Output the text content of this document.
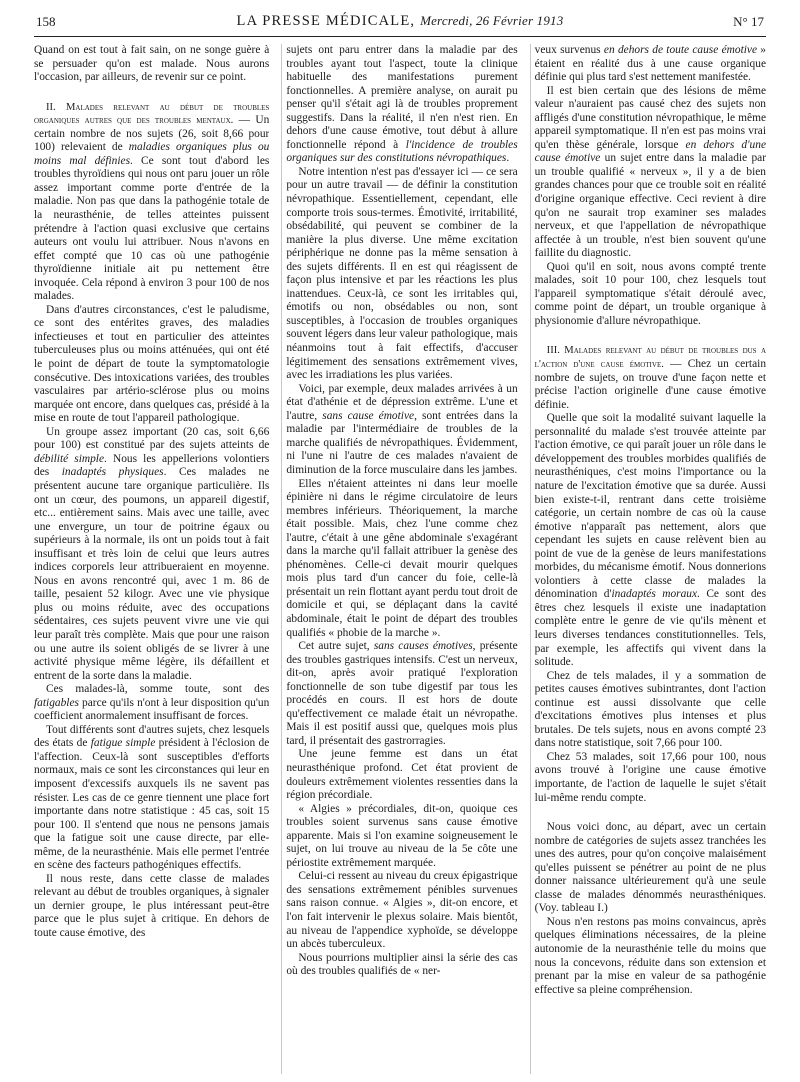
158	LA PRESSE MÉDICALE, Mercredi, 26 Février 1913	N° 17

Quand on est tout à fait sain, on ne songe guère à se persuader qu'on est malade. Nous aurons l'occasion, par ailleurs, de revenir sur ce point.

II. Malades relevant au début de troubles organiques autres que des troubles mentaux. — Un certain nombre de nos sujets (26, soit 8,66 pour 100) relevaient de maladies organiques plus ou moins mal définies. Ce sont tout d'abord les troubles thyroïdiens qui nous ont paru jouer un rôle assez important comme porte d'entrée de la maladie. Non pas que dans la pathogénie totale de la neurasthénie, de telles atteintes puissent prétendre à l'action quasi exclusive que certains auteurs ont voulu lui attribuer. Nous n'avons en effet compté que 10 cas où une pathogénie thyroïdienne initiale ait pu nettement être invoquée. Cela répond à environ 3 pour 100 de nos malades.

Dans d'autres circonstances, c'est le paludisme, ce sont des entérites graves, des maladies infectieuses et tout en particulier des atteintes tuberculeuses plus ou moins atténuées, qui ont été le point de départ de toute la symptomatologie consécutive. Des intoxications variées, des troubles vasculaires par artério-sclérose plus ou moins marquée ont encore, dans quelques cas, présidé à la mise en route de tout l'appareil pathologique.

Un groupe assez important (20 cas, soit 6,66 pour 100) est constitué par des sujets atteints de débilité simple. Nous les appellerions volontiers des inadaptés physiques. Ces malades ne présentent aucune tare organique particulière. Ils ont un cœur, des poumons, un appareil digestif, etc... entièrement sains. Mais avec une taille, avec une envergure, un tour de poitrine égaux ou supérieurs à la normale, ils ont un poids tout à fait insuffisant et très loin de celui que leurs autres indices corporels leur attribueraient en moyenne. Nous en avons rencontré qui, avec 1 m. 86 de taille, pesaient 52 kilogr. Avec une vie physique plus ou moins réduite, avec des occupations sédentaires, ces sujets peuvent vivre une vie qui leur paraît très complète. Mais que pour une raison ou une autre ils soient obligés de se livrer à une activité physique même légère, ils défaillent et entrent de la sorte dans la maladie.

Ces malades-là, somme toute, sont des fatigables parce qu'ils n'ont à leur disposition qu'un coefficient anormalement insuffisant de forces.

Tout différents sont d'autres sujets, chez lesquels des états de fatigue simple président à l'éclosion de l'affection. Ceux-là sont susceptibles d'efforts normaux, mais ce sont les circonstances qui leur en imposent d'excessifs auxquels ils ne savent pas résister. Les cas de ce genre tiennent une place fort importante dans notre statistique : 45 cas, soit 15 pour 100. Il s'entend que nous ne pensons jamais que la fatigue soit une cause directe, par elle-même, de la neurasthénie. Mais elle permet l'entrée en scène des facteurs pathogéniques effectifs.

Il nous reste, dans cette classe de malades relevant au début de troubles organiques, à signaler un dernier groupe, le plus intéressant peut-être parce que le plus sujet à critique. En dehors de toute cause émotive, des

sujets ont paru entrer dans la maladie par des troubles ayant tout l'aspect, toute la clinique habituelle des manifestations purement fonctionnelles. A première analyse, on aurait pu penser qu'il s'était agi là de troubles proprement suggestifs. Dans la réalité, il n'en n'est rien. En dehors d'une cause émotive, tout début à allure fonctionnelle répond à l'incidence de troubles organiques sur des constitutions névropathiques.

Notre intention n'est pas d'essayer ici — ce sera pour un autre travail — de définir la constitution névropathique. Essentiellement, cependant, elle comporte trois sous-termes. Émotivité, irritabilité, obsédabilité, qui peuvent se combiner de la manière la plus diverse. Une même excitation périphérique ne donne pas la même sensation à des sujets différents. Il en est qui réagissent de façon plus intensive et par les réactions les plus inattendues. Ceux-là, ce sont les irritables qui, émotifs ou non, obsédables ou non, sont susceptibles, à l'occasion de troubles organiques souvent légers dans leur valeur pathologique, mais néanmoins tout à fait effectifs, d'accuser légitimement des sensations extrêmement vives, avec les irradiations les plus variées.

Voici, par exemple, deux malades arrivées à un état d'athénie et de dépression extrême. L'une et l'autre, sans cause émotive, sont entrées dans la maladie par l'intermédiaire de troubles de la marche qualifiés de névropathiques. Évidemment, ni l'une ni l'autre de ces malades n'avaient de diminution de la force musculaire dans les jambes.

Elles n'étaient atteintes ni dans leur moelle épinière ni dans le régime circulatoire de leurs membres inférieurs. Théoriquement, la marche était possible. Mais, chez l'une comme chez l'autre, c'était à une gêne abdominale s'exagérant dans la marche qu'il fallait attribuer la genèse des phénomènes. Celle-ci devait mourir quelques mois plus tard d'un cancer du foie, celle-là présentait un rein flottant ayant perdu tout droit de domicile et qui, se déplaçant dans la cavité abdominale, était le point de départ des troubles qualifiés « phobie de la marche ».

Cet autre sujet, sans causes émotives, présente des troubles gastriques intensifs. C'est un nerveux, dit-on, après avoir pratiqué l'exploration fonctionnelle de son tube digestif par tous les procédés en cours. Il est hors de doute qu'effectivement ce malade était un névropathe. Mais il est positif aussi que, quelques mois plus tard, il présentait des gastrorragies.

Une jeune femme est dans un état neurasthénique profond. Cet état provient de douleurs extrêmement violentes ressenties dans la région précordiale.

« Algies » précordiales, dit-on, quoique ces troubles soient survenus sans cause émotive apparente. Mais si l'on examine soigneusement le sujet, on lui trouve au niveau de la 5e côte une périostite extrêmement marquée.

Celui-ci ressent au niveau du creux épigastrique des sensations extrêmement pénibles survenues sans raison connue. « Algies », dit-on encore, et l'on fait intervenir le plexus solaire. Mais bientôt, au niveau de l'appendice xyphoïde, se développe un abcès tuberculeux.

Nous pourrions multiplier ainsi la série des cas où des troubles qualifiés de « ner-

veux survenus en dehors de toute cause émotive » étaient en réalité dus à une cause organique définie qui plus tard s'est nettement manifestée.

Il est bien certain que des lésions de même valeur n'auraient pas causé chez des sujets non affligés d'une constitution névropathique, le même appareil symptomatique. Il n'en est pas moins vrai qu'en thèse générale, lorsque en dehors d'une cause émotive un sujet entre dans la maladie par un trouble qualifié « nerveux », il y a de bien grandes chances pour que ce trouble soit en réalité d'origine organique effective. Ceci revient à dire qu'on ne saurait trop examiner ses malades nerveux, et que l'appellation de névropathique affectée à un trouble, n'est bien souvent qu'une faillite du diagnostic.

Quoi qu'il en soit, nous avons compté trente malades, soit 10 pour 100, chez lesquels tout l'appareil symptomatique s'était déroulé avec, comme point de départ, un trouble organique à physionomie d'allure névropathique.

III. Malades relevant au début de troubles dus a l'action d'une cause émotive. — Chez un certain nombre de sujets, on trouve d'une façon nette et précise l'action originelle d'une cause émotive définie.

Quelle que soit la modalité suivant laquelle la personnalité du malade s'est trouvée atteinte par l'action émotive, ce qui paraît jouer un rôle dans le développement des troubles morbides qualifiés de neurasthéniques, c'est moins l'importance ou la nature de l'excitation émotive que sa durée. Aussi bien existe-t-il, rentrant dans cette troisième catégorie, un certain nombre de cas où la cause émotive n'apparaît pas nettement, alors que cependant les sujets en cause relèvent bien au point de vue de la genèse de leurs manifestations morbides, du mécanisme émotif. Nous donnerions volontiers à cette classe de malades la dénomination d'inadaptés moraux. Ce sont des êtres chez lesquels il existe une inadaptation complète entre le genre de vie qu'ils mènent et leurs diverses tendances constitutionnelles. Tels, par exemple, les affectifs qui vivent dans la solitude.

Chez de tels malades, il y a sommation de petites causes émotives subintrantes, dont l'action continue est aussi dissolvante que celle d'excitations émotives plus intenses et plus brutales. De tels sujets, nous en avons compté 23 dans notre statistique, soit 7,66 pour 100.

Chez 53 malades, soit 17,66 pour 100, nous avons trouvé à l'origine une cause émotive importante, de l'action de laquelle le sujet s'était lui-même rendu compte.

Nous voici donc, au départ, avec un certain nombre de catégories de sujets assez tranchées les unes des autres, pour qu'on conçoive malaisément qu'elles puissent se pénétrer au point de ne plus donner naissance ultérieurement qu'à une seule classe de malades dénommés neurasthéniques. (Voy. tableau I.)

Nous n'en restons pas moins convaincus, après quelques éliminations nécessaires, de la pleine autonomie de la neurasthénie telle du moins que nous la concevons, réduite dans son extension et prenant par la mise en valeur de sa pathogénie effective sa pleine compréhension.
